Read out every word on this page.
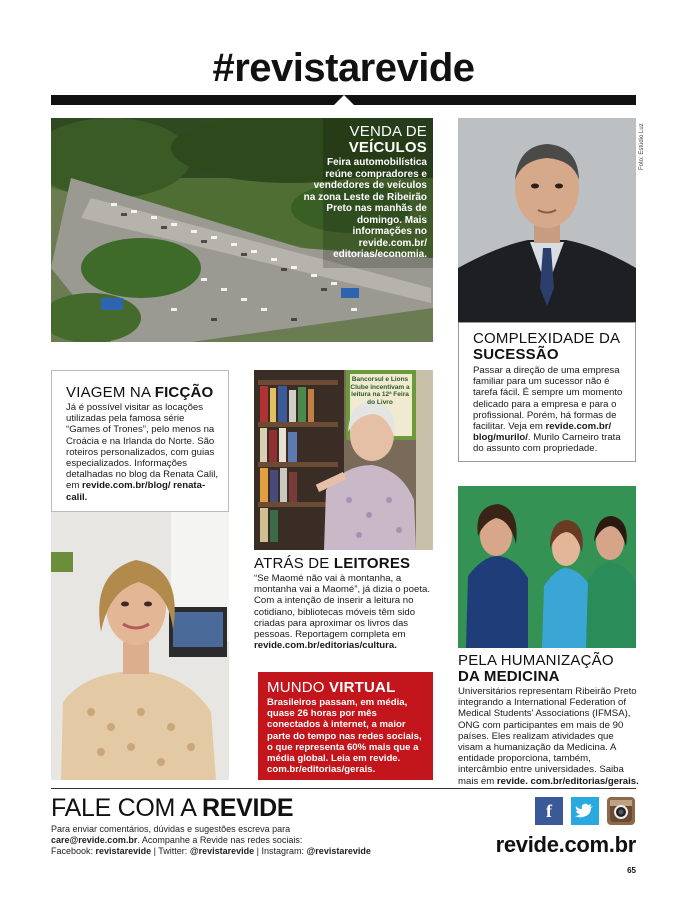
#revistarevide
VENDA DE
VEÍCULOS
Feira automobilística reúne compradores e vendedores de veículos na zona Leste de Ribeirão Preto nas manhãs de domingo. Mais informações no revide.com.br/ editorias/economia.
Foto: Estúdio Luz
COMPLEXIDADE DA
SUCESSÃO
Passar a direção de uma empresa familiar para um sucessor não é tarefa fácil. É sempre um momento delicado para a empresa e para o profissional. Porém, há formas de facilitar. Veja em revide.com.br/ blog/murilo/. Murilo Carneiro trata do assunto com propriedade.
VIAGEM NA FICÇÃO
Já é possível visitar as locações utilizadas pela famosa série “Games of Trones”, pelo menos na Croácia e na Irlanda do Norte. São roteiros personalizados, com guias especializados. Informações detalhadas no blog da Renata Calil, em revide.com.br/blog/ renata-calil.
Bancorsul e Lions Clube incentivam a leitura na 12ª Feira do Livro
ATRÁS DE LEITORES
“Se Maomé não vai à montanha, a montanha vai a Maomé”, já dizia o poeta. Com a intenção de inserir a leitura no cotidiano, bibliotecas móveis têm sido criadas para aproximar os livros das pessoas. Reportagem completa em revide.com.br/editorias/cultura.
MUNDO VIRTUAL
Brasileiros passam, em média, quase 26 horas por mês conectados à internet, a maior parte do tempo nas redes sociais, o que representa 60% mais que a média global. Leia em revide. com.br/editorias/gerais.
PELA HUMANIZAÇÃO
DA MEDICINA
Universitários representam Ribeirão Preto integrando a International Federation of Medical Students' Associations (IFMSA), ONG com participantes em mais de 90 países. Eles realizam atividades que visam a humanização da Medicina. A entidade proporciona, também, intercâmbio entre universidades. Saiba mais em revide. com.br/editorias/gerais.
FALE COM A REVIDE
Para enviar comentários, dúvidas e sugestões escreva para
care@revide.com.br. Acompanhe a Revide nas redes sociais:
Facebook: revistarevide | Twitter: @revistarevide | Instagram: @revistarevide
f
revide.com.br
65
